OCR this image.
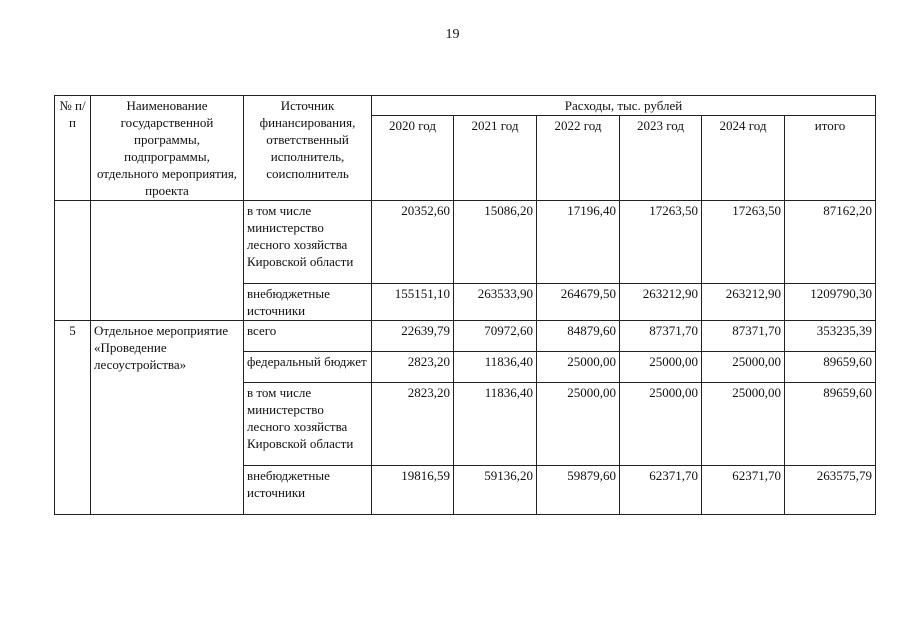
19
№ п/п	Наименование государственной программы, подпрограммы, отдельного мероприятия, проекта	Источник финансирования, ответственный исполнитель, соисполнитель	Расходы, тыс. рублей					
			2020 год	2021 год	2022 год	2023 год	2024 год	итого
		в том числе министерство лесного хозяйства Кировской области	20352,60	15086,20	17196,40	17263,50	17263,50	87162,20
		внебюджетные источники	155151,10	263533,90	264679,50	263212,90	263212,90	1209790,30
5	Отдельное мероприятие «Проведение лесоустройства»	всего	22639,79	70972,60	84879,60	87371,70	87371,70	353235,39
		федеральный бюджет	2823,20	11836,40	25000,00	25000,00	25000,00	89659,60
		в том числе министерство лесного хозяйства Кировской области	2823,20	11836,40	25000,00	25000,00	25000,00	89659,60
		внебюджетные источники	19816,59	59136,20	59879,60	62371,70	62371,70	263575,79
